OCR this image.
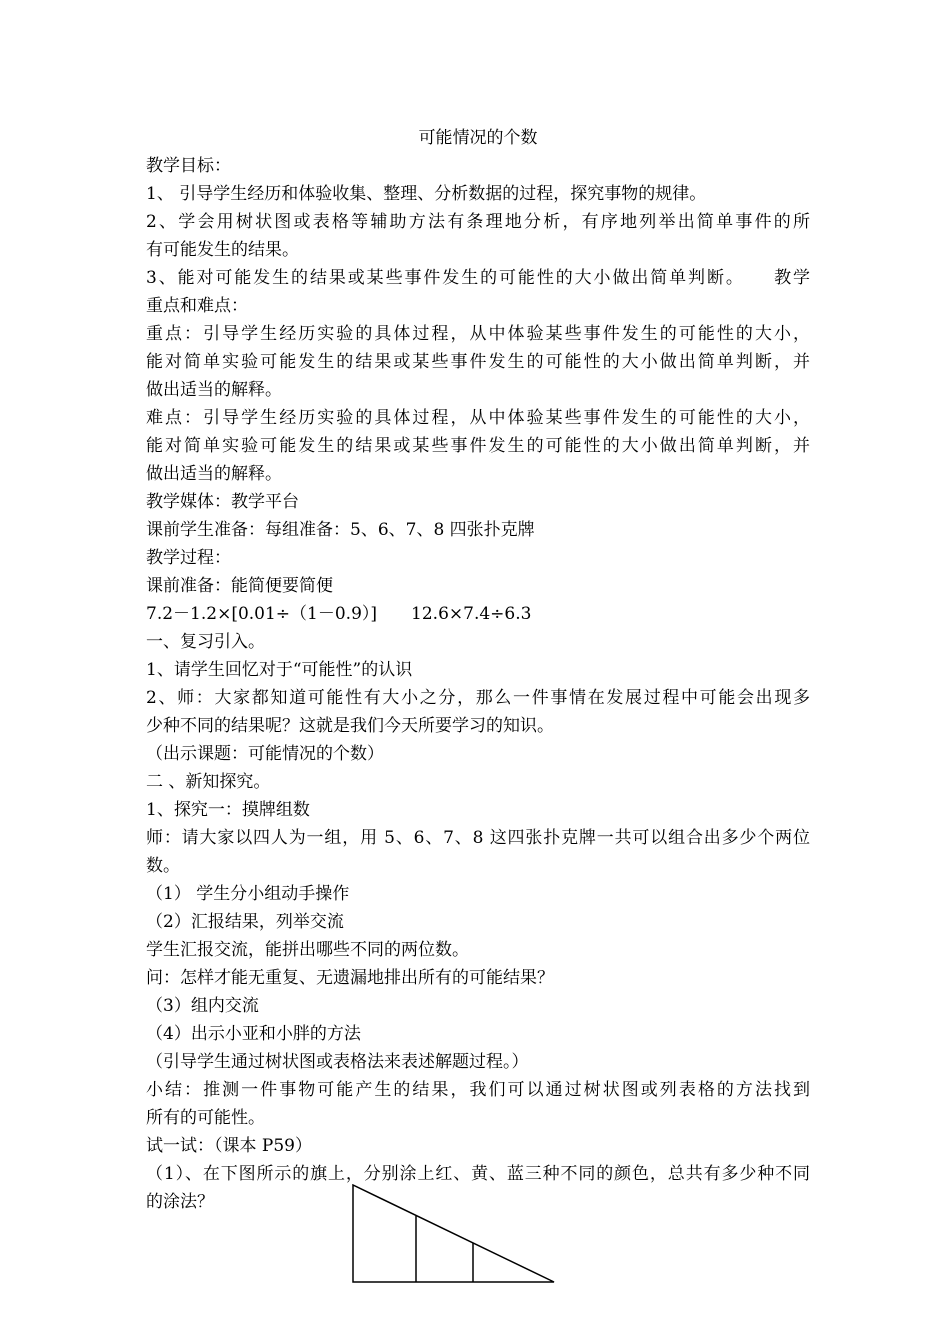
可能情况的个数
教学目标：
1、 引导学生经历和体验收集、整理、分析数据的过程，探究事物的规律。
2、学会用树状图或表格等辅助方法有条理地分析，有序地列举出简单事件的所
有可能发生的结果。
3、能对可能发生的结果或某些事件发生的可能性的大小做出简单判断。　　教学
重点和难点：
重点：引导学生经历实验的具体过程，从中体验某些事件发生的可能性的大小，
能对简单实验可能发生的结果或某些事件发生的可能性的大小做出简单判断，并
做出适当的解释。
难点：引导学生经历实验的具体过程，从中体验某些事件发生的可能性的大小，
能对简单实验可能发生的结果或某些事件发生的可能性的大小做出简单判断，并
做出适当的解释。
教学媒体：教学平台
课前学生准备：每组准备：5、6、7、8 四张扑克牌
教学过程：
课前准备：能简便要简便
7.2－1.2×[0.01÷（1－0.9）] 12.6×7.4÷6.3
一、复习引入。
1、请学生回忆对于“可能性”的认识
2、师：大家都知道可能性有大小之分，那么一件事情在发展过程中可能会出现多
少种不同的结果呢？这就是我们今天所要学习的知识。
（出示课题：可能情况的个数）
二 、新知探究。
1、探究一：摸牌组数
师：请大家以四人为一组，用 5、6、7、8 这四张扑克牌一共可以组合出多少个两位
数。
（1） 学生分小组动手操作
（2）汇报结果，列举交流
学生汇报交流，能拼出哪些不同的两位数。
问：怎样才能无重复、无遗漏地排出所有的可能结果？
（3）组内交流
（4）出示小亚和小胖的方法
（引导学生通过树状图或表格法来表述解题过程。）
小结：推测一件事物可能产生的结果，我们可以通过树状图或列表格的方法找到
所有的可能性。
试一试：（课本 P59）
（1）、在下图所示的旗上，分别涂上红、黄、蓝三种不同的颜色，总共有多少种不同
的涂法？
